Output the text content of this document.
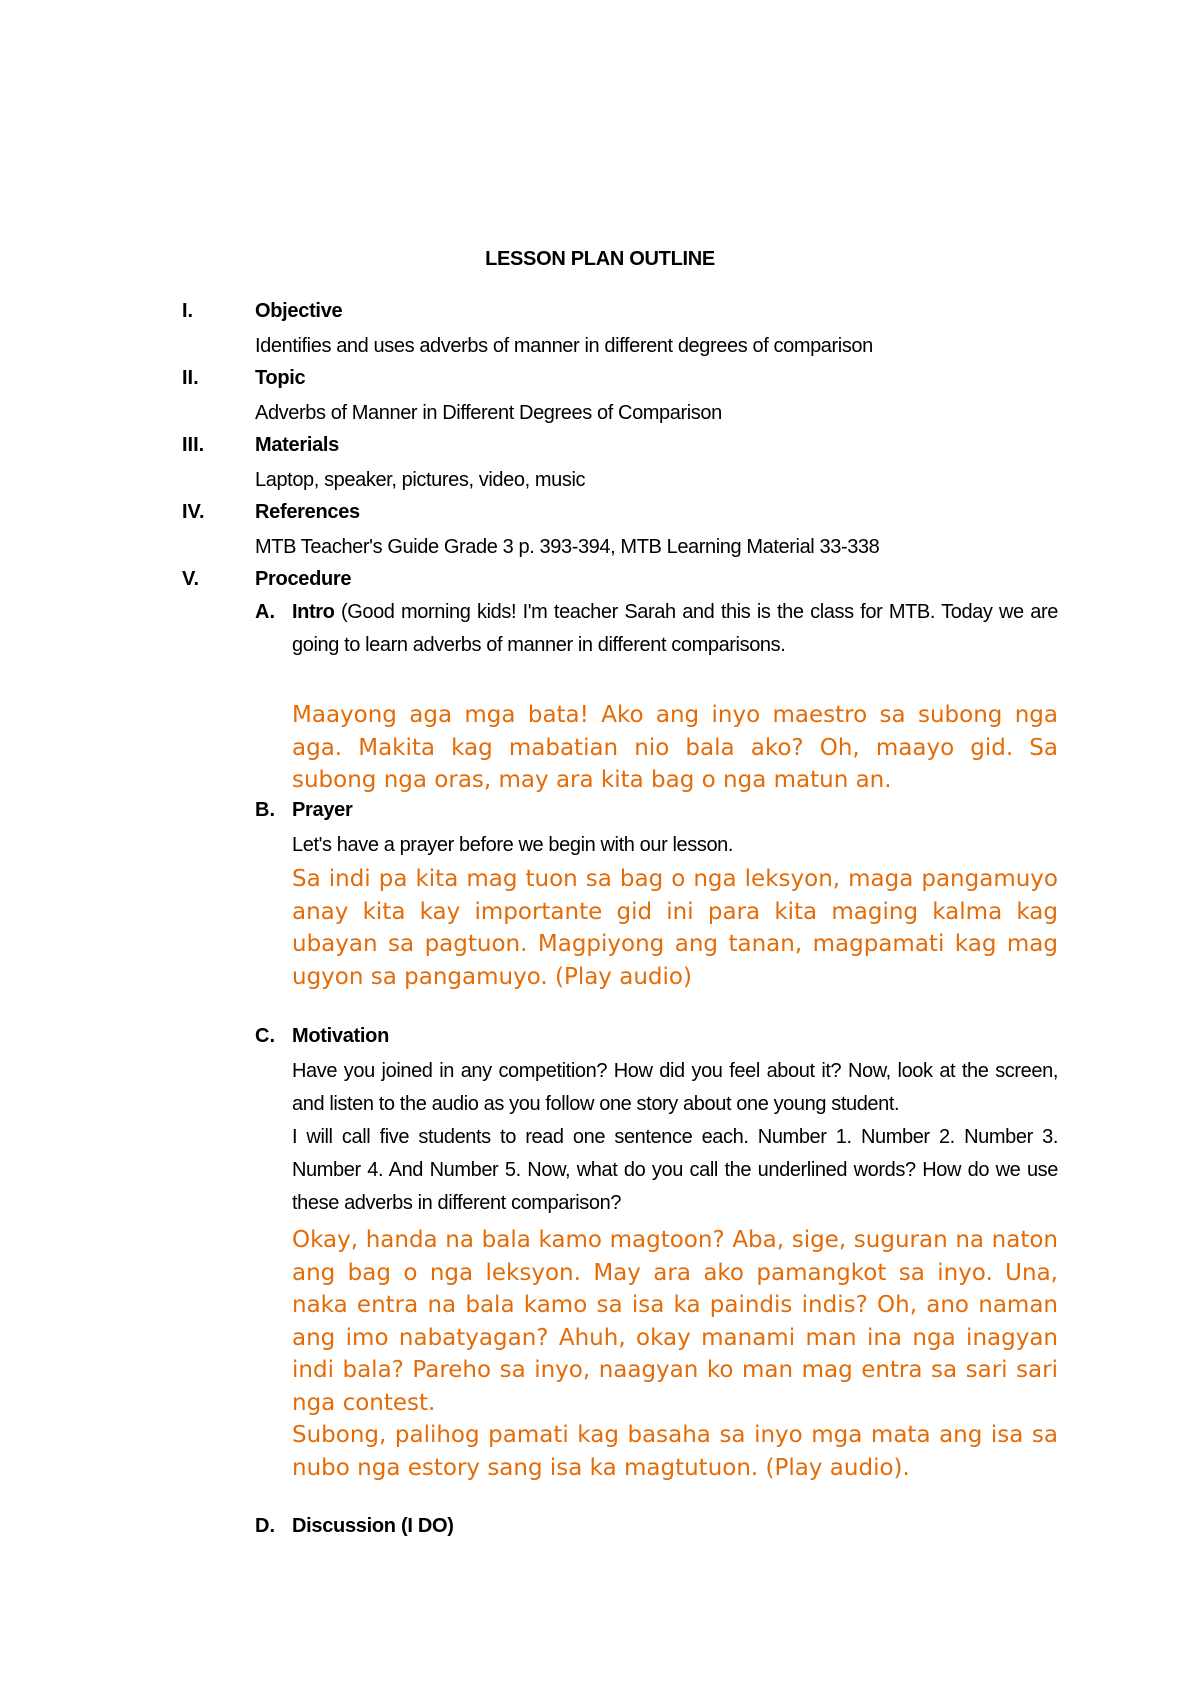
LESSON PLAN OUTLINE
I.	Objective
Identifies and uses adverbs of manner in different degrees of comparison
II.	Topic
Adverbs of Manner in Different Degrees of Comparison
III.	Materials
Laptop, speaker, pictures, video, music
IV.	References
MTB Teacher's Guide Grade 3 p. 393-394, MTB Learning Material 33-338
V.	Procedure
A. Intro (Good morning kids! I'm teacher Sarah and this is the class for MTB. Today we are going to learn adverbs of manner in different comparisons.

Maayong aga mga bata! Ako ang inyo maestro sa subong nga aga. Makita kag mabatian nio bala ako? Oh, maayo gid. Sa subong nga oras, may ara kita bag o nga matun an.

B. Prayer
Let's have a prayer before we begin with our lesson.

Sa indi pa kita mag tuon sa bag o nga leksyon, maga pangamuyo anay kita kay importante gid ini para kita maging kalma kag ubayan sa pagtuon. Magpiyong ang tanan, magpamati kag mag ugyon sa pangamuyo. (Play audio)

C. Motivation
Have you joined in any competition? How did you feel about it? Now, look at the screen, and listen to the audio as you follow one story about one young student.
I will call five students to read one sentence each. Number 1. Number 2. Number 3. Number 4. And Number 5. Now, what do you call the underlined words? How do we use these adverbs in different comparison?

Okay, handa na bala kamo magtoon? Aba, sige, suguran na naton ang bag o nga leksyon. May ara ako pamangkot sa inyo. Una, naka entra na bala kamo sa isa ka paindis indis? Oh, ano naman ang imo nabatyagan? Ahuh, okay manami man ina nga inagyan indi bala? Pareho sa inyo, naagyan ko man mag entra sa sari sari nga contest.

Subong, palihog pamati kag basaha sa inyo mga mata ang isa sa nubo nga estory sang isa ka magtutuon. (Play audio).

D. Discussion (I DO)
